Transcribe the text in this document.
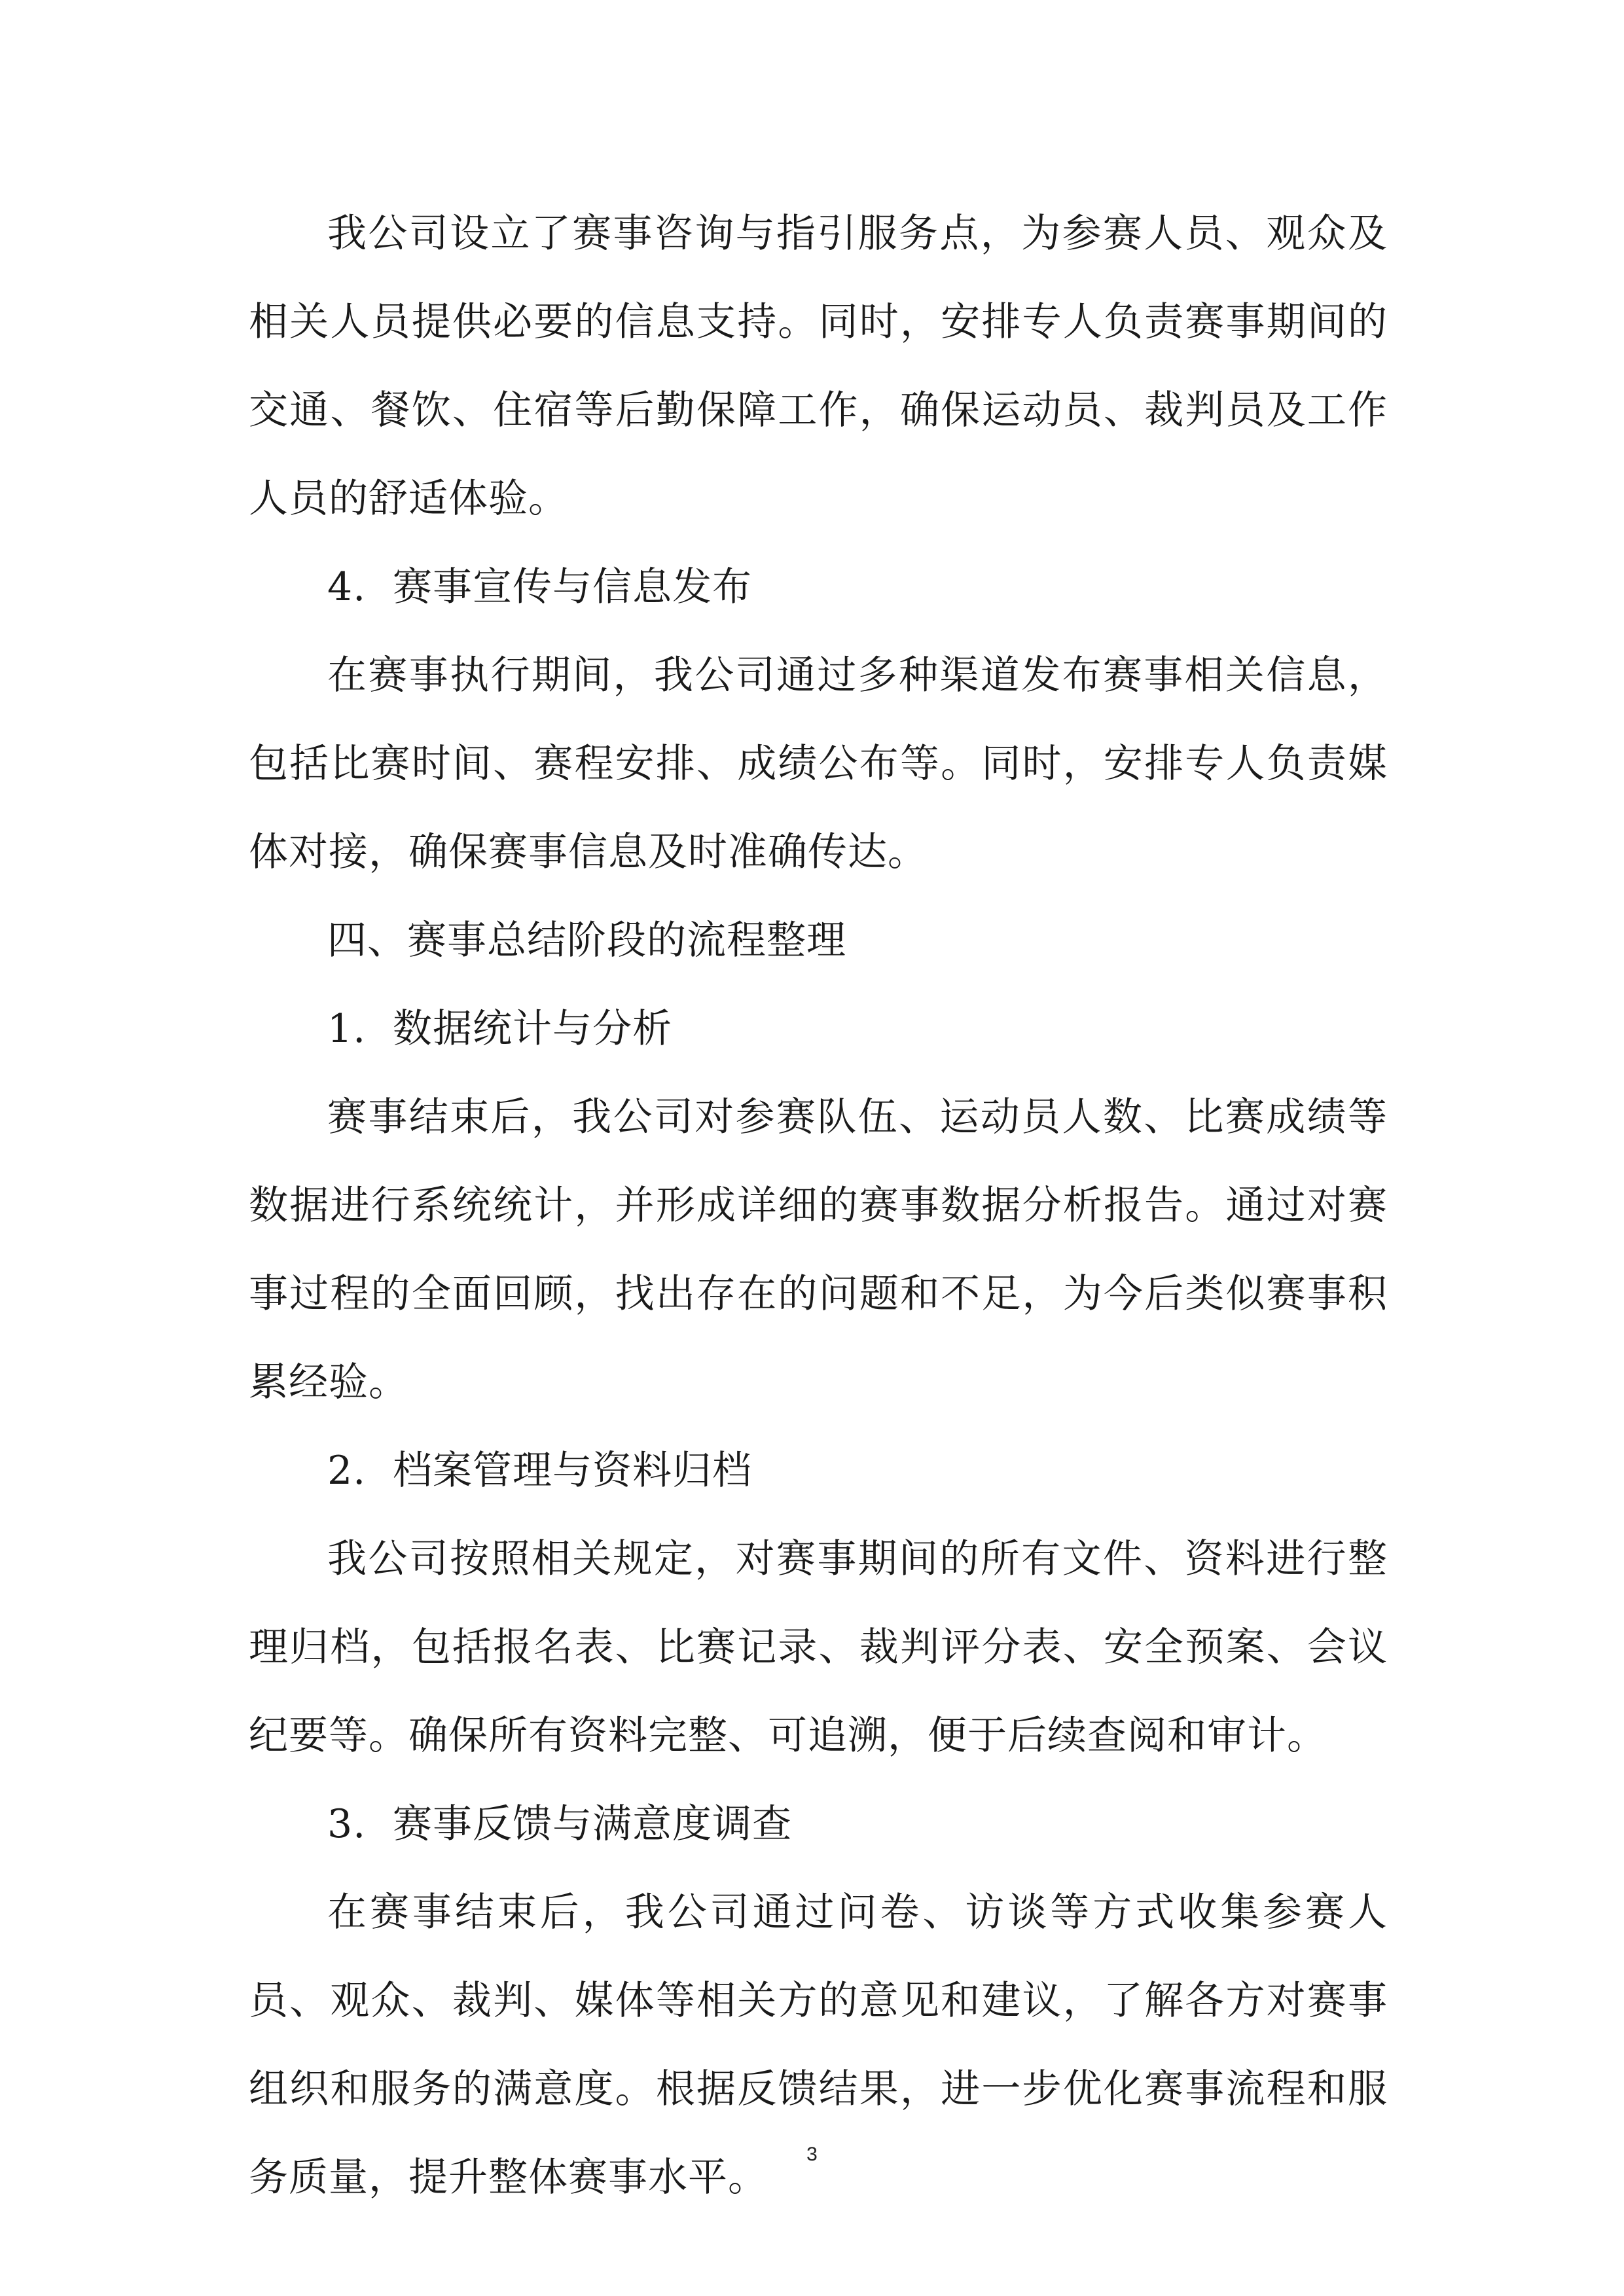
我公司设立了赛事咨询与指引服务点，为参赛人员、观众及相关人员提供必要的信息支持。同时，安排专人负责赛事期间的交通、餐饮、住宿等后勤保障工作，确保运动员、裁判员及工作人员的舒适体验。

4. 赛事宣传与信息发布

在赛事执行期间，我公司通过多种渠道发布赛事相关信息，包括比赛时间、赛程安排、成绩公布等。同时，安排专人负责媒体对接，确保赛事信息及时准确传达。

四、赛事总结阶段的流程整理

1. 数据统计与分析

赛事结束后，我公司对参赛队伍、运动员人数、比赛成绩等数据进行系统统计，并形成详细的赛事数据分析报告。通过对赛事过程的全面回顾，找出存在的问题和不足，为今后类似赛事积累经验。

2. 档案管理与资料归档

我公司按照相关规定，对赛事期间的所有文件、资料进行整理归档，包括报名表、比赛记录、裁判评分表、安全预案、会议纪要等。确保所有资料完整、可追溯，便于后续查阅和审计。

3. 赛事反馈与满意度调查

在赛事结束后，我公司通过问卷、访谈等方式收集参赛人员、观众、裁判、媒体等相关方的意见和建议，了解各方对赛事组织和服务的满意度。根据反馈结果，进一步优化赛事流程和服务质量，提升整体赛事水平。

3
